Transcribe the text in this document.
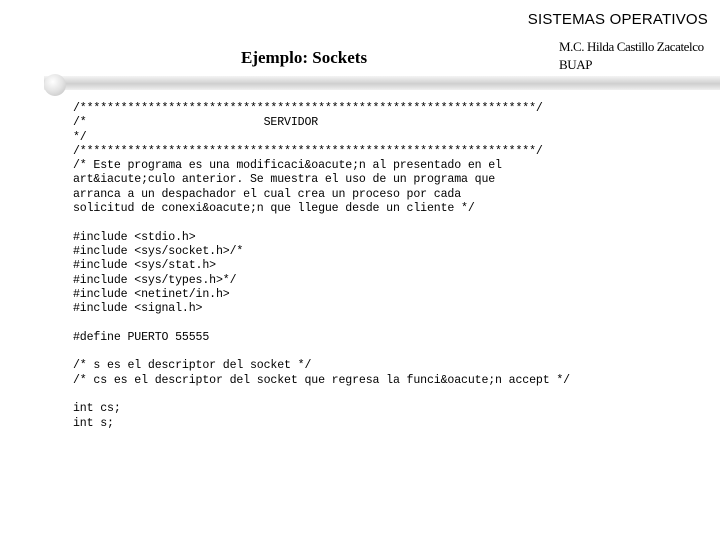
SISTEMAS OPERATIVOS
Ejemplo: Sockets
M.C. Hilda Castillo Zacatelco
BUAP
/*******************************************************************/
/*                          SERVIDOR
*/
/*******************************************************************/
/* Este programa es una modificaci&oacute;n al presentado en el
art&iacute;culo anterior. Se muestra el uso de un programa que
arranca a un despachador el cual crea un proceso por cada
solicitud de conexi&oacute;n que llegue desde un cliente */
#include <stdio.h>
#include <sys/socket.h>/*
#include <sys/stat.h>
#include <sys/types.h>*/
#include <netinet/in.h>
#include <signal.h>
#define PUERTO 55555
/* s es el descriptor del socket */
/* cs es el descriptor del socket que regresa la funci&oacute;n accept */
int cs;
int s;
